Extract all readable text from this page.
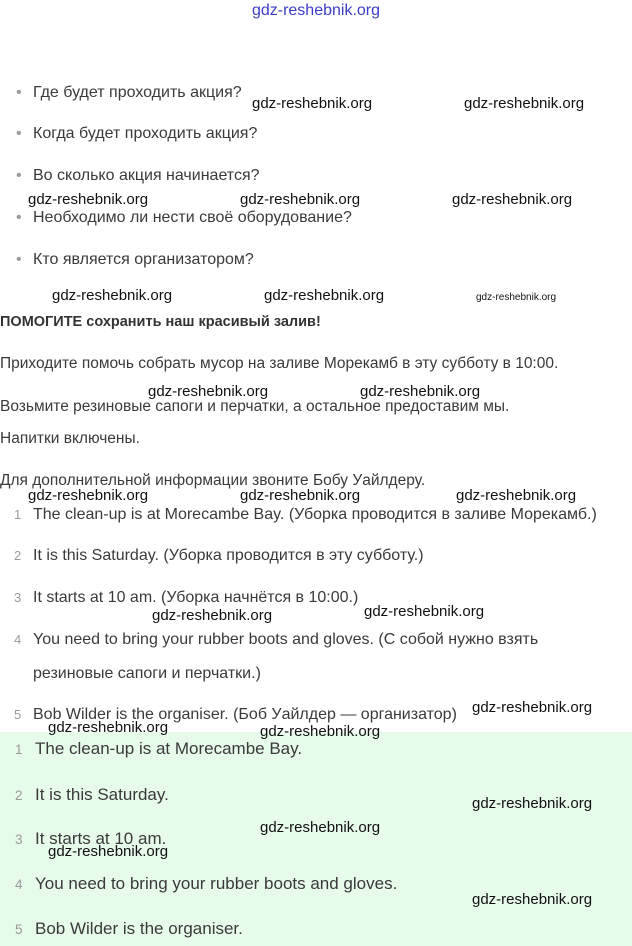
gdz-reshebnik.org
• Где будет проходить акция?
• Когда будет проходить акция?
• Во сколько акция начинается?
• Необходимо ли нести своё оборудование?
• Кто является организатором?
ПОМОГИТЕ сохранить наш красивый залив!
Приходите помочь собрать мусор на заливе Морекамб в эту субботу в 10:00.
Возьмите резиновые сапоги и перчатки, а остальное предоставим мы.
Напитки включены.
Для дополнительной информации звоните Бобу Уайлдеру.
1 The clean-up is at Morecambe Bay. (Уборка проводится в заливе Морекамб.)
2 It is this Saturday. (Уборка проводится в эту субботу.)
3 It starts at 10 am. (Уборка начнётся в 10:00.)
4 You need to bring your rubber boots and gloves. (С собой нужно взять
резиновые сапоги и перчатки.)
5 Bob Wilder is the organiser. (Боб Уайлдер — организатор)
1 The clean-up is at Morecambe Bay.
2 It is this Saturday.
3 It starts at 10 am.
4 You need to bring your rubber boots and gloves.
5 Bob Wilder is the organiser.
gdz-reshebnik.org	gdz-reshebnik.org
gdz-reshebnik.org	gdz-reshebnik.org	gdz-reshebnik.org
gdz-reshebnik.org	gdz-reshebnik.org	gdz-reshebnik.org
gdz-reshebnik.org	gdz-reshebnik.org
gdz-reshebnik.org	gdz-reshebnik.org	gdz-reshebnik.org
gdz-reshebnik.org	gdz-reshebnik.org
gdz-reshebnik.org
gdz-reshebnik.org	gdz-reshebnik.org
gdz-reshebnik.org
gdz-reshebnik.org
gdz-reshebnik.org
gdz-reshebnik.org
